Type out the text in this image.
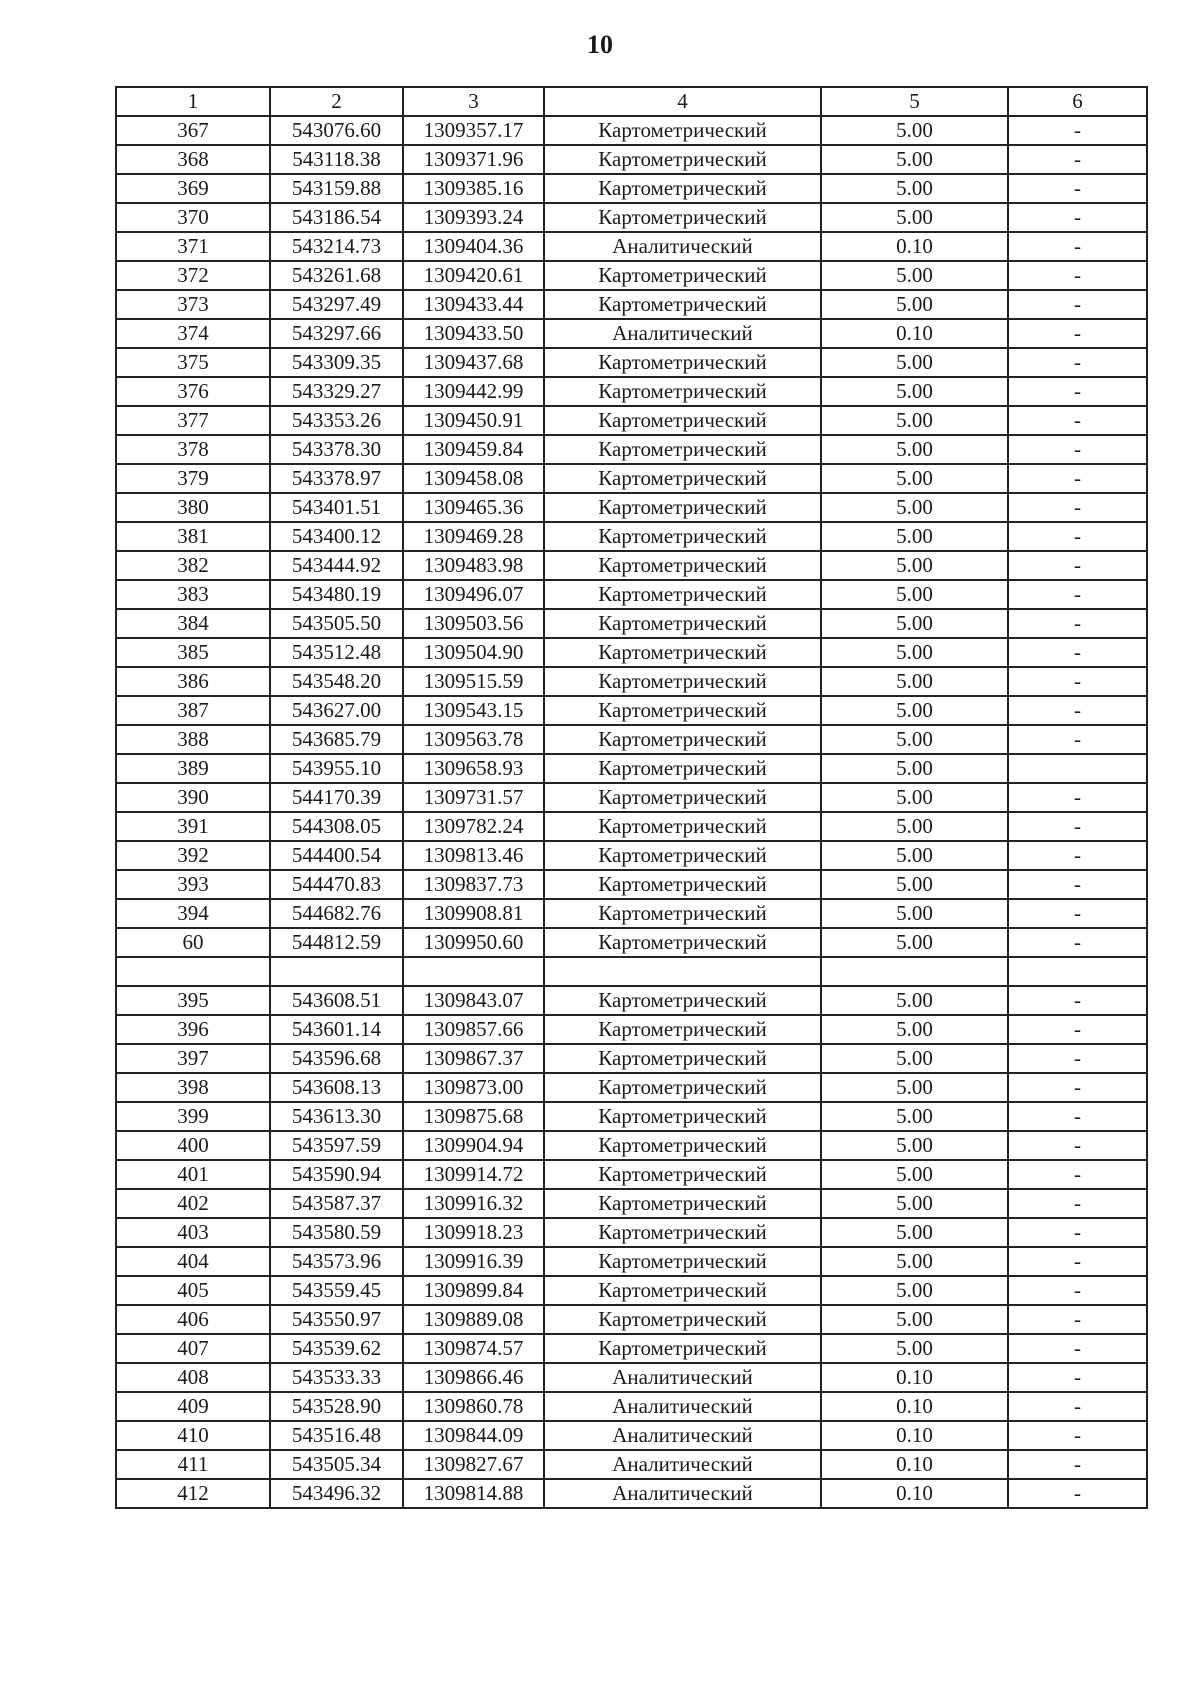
10
1	2	3	4	5	6
367	543076.60	1309357.17	Картометрический	5.00	-
368	543118.38	1309371.96	Картометрический	5.00	-
369	543159.88	1309385.16	Картометрический	5.00	-
370	543186.54	1309393.24	Картометрический	5.00	-
371	543214.73	1309404.36	Аналитический	0.10	-
372	543261.68	1309420.61	Картометрический	5.00	-
373	543297.49	1309433.44	Картометрический	5.00	-
374	543297.66	1309433.50	Аналитический	0.10	-
375	543309.35	1309437.68	Картометрический	5.00	-
376	543329.27	1309442.99	Картометрический	5.00	-
377	543353.26	1309450.91	Картометрический	5.00	-
378	543378.30	1309459.84	Картометрический	5.00	-
379	543378.97	1309458.08	Картометрический	5.00	-
380	543401.51	1309465.36	Картометрический	5.00	-
381	543400.12	1309469.28	Картометрический	5.00	-
382	543444.92	1309483.98	Картометрический	5.00	-
383	543480.19	1309496.07	Картометрический	5.00	-
384	543505.50	1309503.56	Картометрический	5.00	-
385	543512.48	1309504.90	Картометрический	5.00	-
386	543548.20	1309515.59	Картометрический	5.00	-
387	543627.00	1309543.15	Картометрический	5.00	-
388	543685.79	1309563.78	Картометрический	5.00	-
389	543955.10	1309658.93	Картометрический	5.00	
390	544170.39	1309731.57	Картометрический	5.00	-
391	544308.05	1309782.24	Картометрический	5.00	-
392	544400.54	1309813.46	Картометрический	5.00	-
393	544470.83	1309837.73	Картометрический	5.00	-
394	544682.76	1309908.81	Картометрический	5.00	-
60	544812.59	1309950.60	Картометрический	5.00	-

395	543608.51	1309843.07	Картометрический	5.00	-
396	543601.14	1309857.66	Картометрический	5.00	-
397	543596.68	1309867.37	Картометрический	5.00	-
398	543608.13	1309873.00	Картометрический	5.00	-
399	543613.30	1309875.68	Картометрический	5.00	-
400	543597.59	1309904.94	Картометрический	5.00	-
401	543590.94	1309914.72	Картометрический	5.00	-
402	543587.37	1309916.32	Картометрический	5.00	-
403	543580.59	1309918.23	Картометрический	5.00	-
404	543573.96	1309916.39	Картометрический	5.00	-
405	543559.45	1309899.84	Картометрический	5.00	-
406	543550.97	1309889.08	Картометрический	5.00	-
407	543539.62	1309874.57	Картометрический	5.00	-
408	543533.33	1309866.46	Аналитический	0.10	-
409	543528.90	1309860.78	Аналитический	0.10	-
410	543516.48	1309844.09	Аналитический	0.10	-
411	543505.34	1309827.67	Аналитический	0.10	-
412	543496.32	1309814.88	Аналитический	0.10	-
